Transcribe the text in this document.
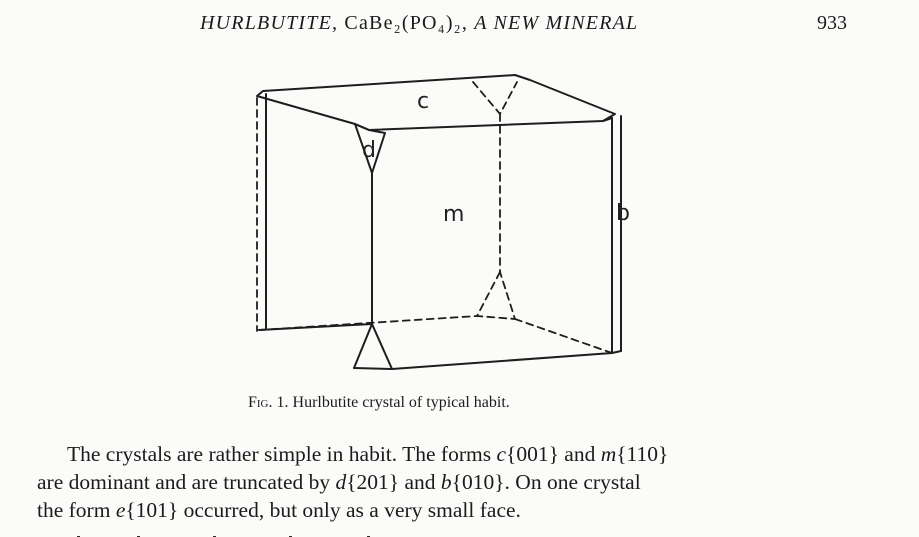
HURLBUTITE, CaBe₂(PO₄)₂, A NEW MINERAL	933
c
d
m	b
Fig. 1. Hurlbutite crystal of typical habit.

The crystals are rather simple in habit. The forms c{001} and m{110}

are dominant and are truncated by d{201} and b{010}. On one crystal

the form e{101} occurred, but only as a very small face.
